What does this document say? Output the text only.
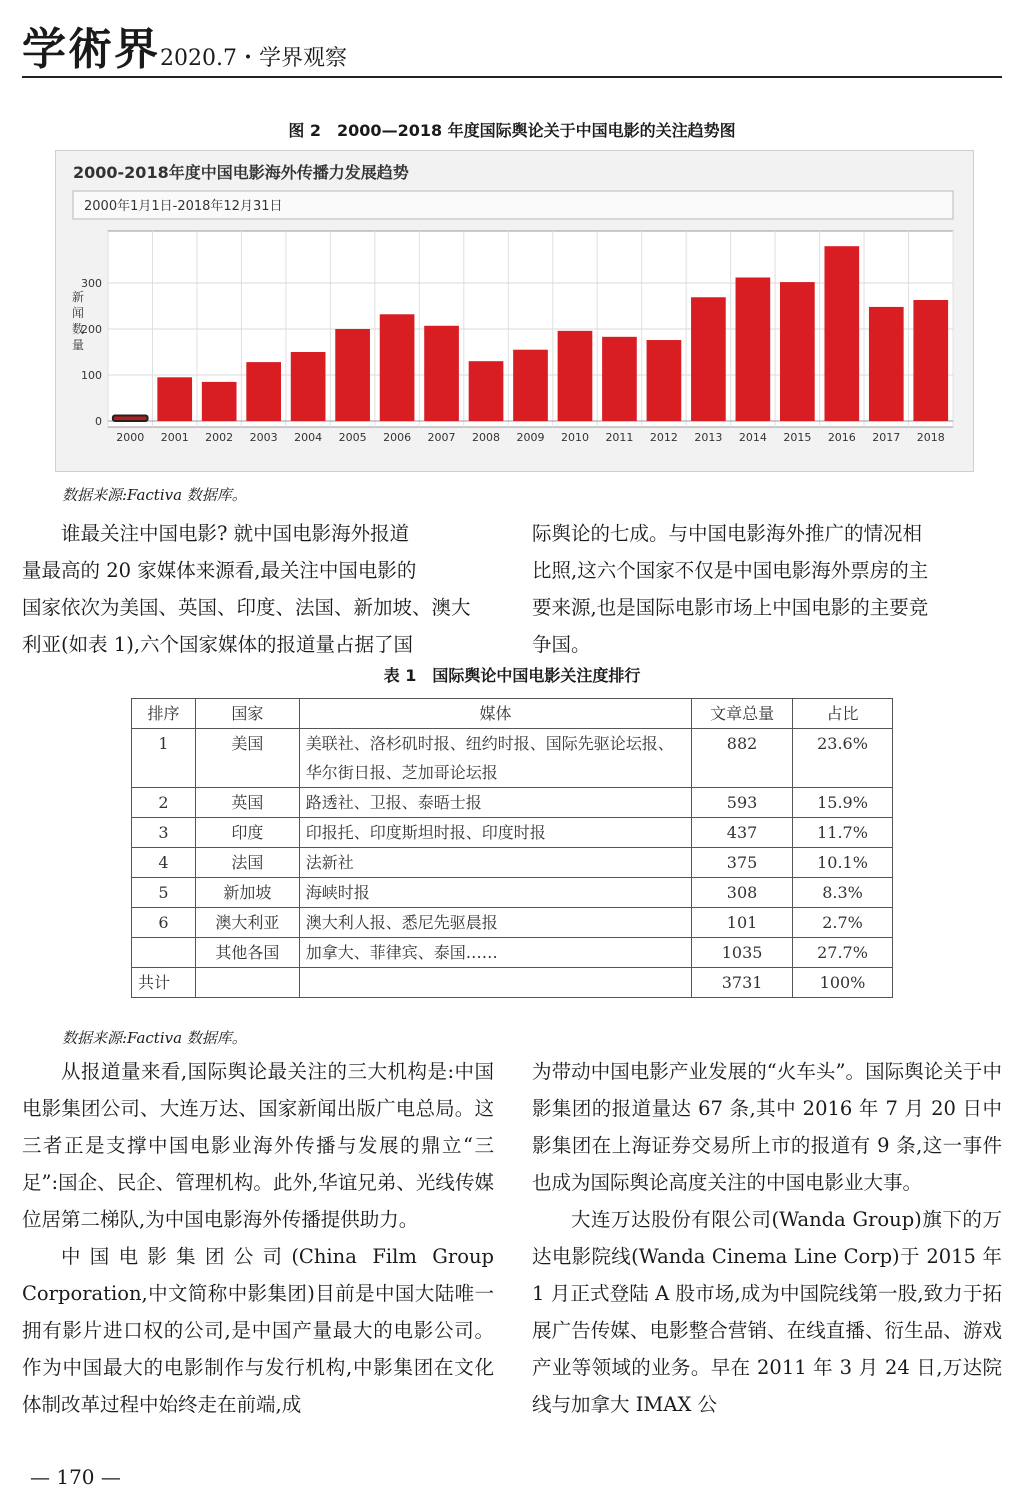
学術界 2020.7・学界观察
图 2　2000—2018 年度国际舆论关于中国电影的关注趋势图
2000-2018年度中国电影海外传播力发展趋势
2000年1月1日-2018年12月31日
0
100
200
300
2000 2001 2002 2003 2004 2005 2006 2007 2008 2009 2010 2011 2012 2013 2014 2015 2016 2017 2018
新闻数量
数据来源:Factiva 数据库。

谁最关注中国电影? 就中国电影海外报道

量最高的 20 家媒体来源看,最关注中国电影的

国家依次为美国、英国、印度、法国、新加坡、澳大

利亚(如表 1),六个国家媒体的报道量占据了国

际舆论的七成。与中国电影海外推广的情况相

比照,这六个国家不仅是中国电影海外票房的主

要来源,也是国际电影市场上中国电影的主要竞

争国。

表 1　国际舆论中国电影关注度排行
排序	国家	媒体	文章总量	占比
1	美国	美联社、洛杉矶时报、纽约时报、国际先驱论坛报、华尔街日报、芝加哥论坛报	882	23.6%
2	英国	路透社、卫报、泰晤士报	593	15.9%
3	印度	印报托、印度斯坦时报、印度时报	437	11.7%
4	法国	法新社	375	10.1%
5	新加坡	海峡时报	308	8.3%
6	澳大利亚	澳大利人报、悉尼先驱晨报	101	2.7%
	其他各国	加拿大、菲律宾、泰国……	1035	27.7%
共计			3731	100%
数据来源:Factiva 数据库。

从报道量来看,国际舆论最关注的三大机构是:中国电影集团公司、大连万达、国家新闻出版广电总局。这三者正是支撑中国电影业海外传播与发展的鼎立“三足”:国企、民企、管理机构。此外,华谊兄弟、光线传媒位居第二梯队,为中国电影海外传播提供助力。

中国电影集团公司(China Film Group Corporation,中文简称中影集团)目前是中国大陆唯一拥有影片进口权的公司,是中国产量最大的电影公司。作为中国最大的电影制作与发行机构,中影集团在文化体制改革过程中始终走在前端,成

为带动中国电影产业发展的“火车头”。国际舆论关于中影集团的报道量达 67 条,其中 2016 年 7 月 20 日中影集团在上海证券交易所上市的报道有 9 条,这一事件也成为国际舆论高度关注的中国电影业大事。

大连万达股份有限公司(Wanda Group)旗下的万达电影院线(Wanda Cinema Line Corp)于 2015 年 1 月正式登陆 A 股市场,成为中国院线第一股,致力于拓展广告传媒、电影整合营销、在线直播、衍生品、游戏产业等领域的业务。早在 2011 年 3 月 24 日,万达院线与加拿大 IMAX 公

— 170 —
